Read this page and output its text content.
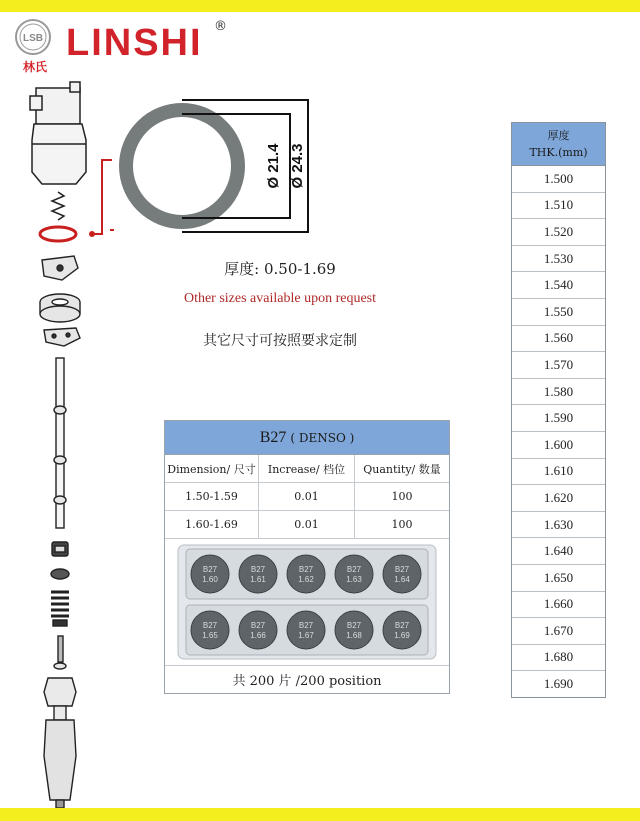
LSB
林氏
LINSHI ®
Ø 21.4 Ø 24.3
厚度: 0.50-1.69
Other sizes available upon request
其它尺寸可按照要求定制
B27 ( DENSO )
Dimension/ 尺寸	Increase/ 档位	Quantity/ 数量
1.50-1.59	0.01	100
1.60-1.69	0.01	100
B27
1.60
B27
1.61
B27
1.62
B27
1.63
B27
1.64
B27
1.65
B27
1.66
B27
1.67
B27
1.68
B27
1.69
共 200 片 /200 position
厚度
THK.(mm)
1.500
1.510
1.520
1.530
1.540
1.550
1.560
1.570
1.580
1.590
1.600
1.610
1.620
1.630
1.640
1.650
1.660
1.670
1.680
1.690
